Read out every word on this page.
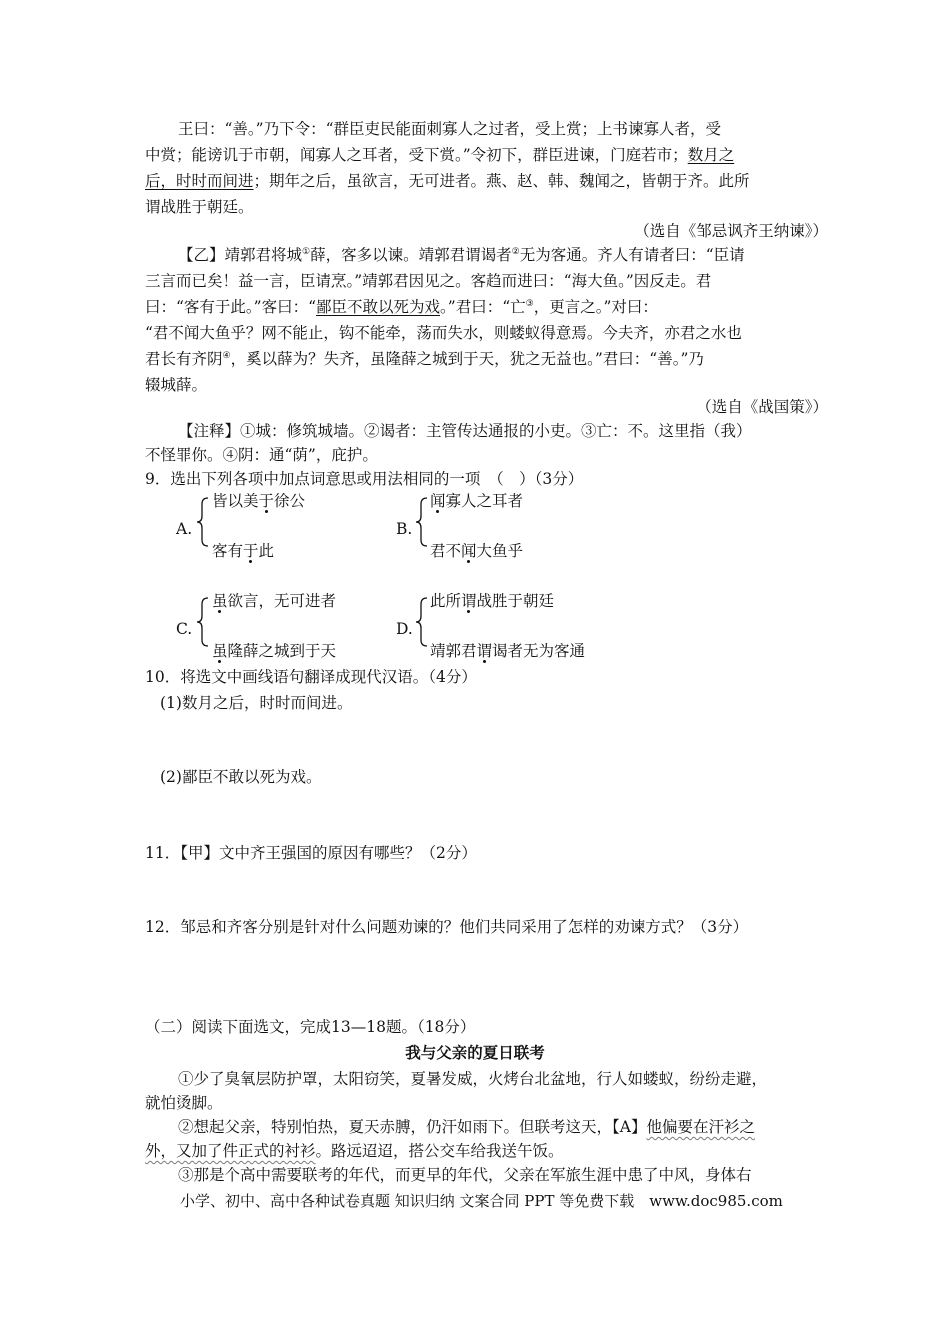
王曰：“善。”乃下令：“群臣吏民能面刺寡人之过者，受上赏；上书谏寡人者，受
中赏；能谤讥于市朝，闻寡人之耳者，受下赏。”令初下，群臣进谏，门庭若市；数月之
后，时时而间进；期年之后，虽欲言，无可进者。燕、赵、韩、魏闻之，皆朝于齐。此所
谓战胜于朝廷。
（选自《邹忌讽齐王纳谏》）
【乙】靖郭君将城①薛，客多以谏。靖郭君谓谒者②无为客通。齐人有请者曰：“臣请
三言而已矣！益一言，臣请烹。”靖郭君因见之。客趋而进曰：“海大鱼。”因反走。君
曰：“客有于此。”客曰：“鄙臣不敢以死为戏。”君曰：“亡③，更言之。”对曰：
“君不闻大鱼乎？网不能止，钩不能牵，荡而失水，则蝼蚁得意焉。今夫齐，亦君之水也
君长有齐阴④，奚以薛为？失齐，虽隆薛之城到于天，犹之无益也。”君曰：“善。”乃
辍城薛。
（选自《战国策》）
【注释】①城：修筑城墙。②谒者：主管传达通报的小吏。③亡：不。这里指（我）
不怪罪你。④阴：通“荫”，庇护。
9．选出下列各项中加点词意思或用法相同的一项　（　）（3分）
A.
皆以美于徐公
客有于此
B.
闻寡人之耳者
君不闻大鱼乎
C.
虽欲言，无可进者
虽隆薛之城到于天
D.
此所谓战胜于朝廷
靖郭君谓谒者无为客通
10．将选文中画线语句翻译成现代汉语。（4分）
(1)数月之后，时时而间进。
(2)鄙臣不敢以死为戏。
11．【甲】文中齐王强国的原因有哪些？（2分）
12．邹忌和齐客分别是针对什么问题劝谏的？他们共同采用了怎样的劝谏方式？（3分）
（二）阅读下面选文，完成13—18题。（18分）
我与父亲的夏日联考
①少了臭氧层防护罩，太阳窃笑，夏暑发威，火烤台北盆地，行人如蝼蚁，纷纷走避，
就怕烫脚。
②想起父亲，特别怕热，夏天赤膊，仍汗如雨下。但联考这天，【A】他偏要在汗衫之
外，又加了件正式的衬衫。路远迢迢，搭公交车给我送午饭。
③那是个高中需要联考的年代，而更早的年代，父亲在军旅生涯中患了中风，身体右
小学、初中、高中各种试卷真题 知识归纳 文案合同 PPT 等免费下载　www.doc985.com
